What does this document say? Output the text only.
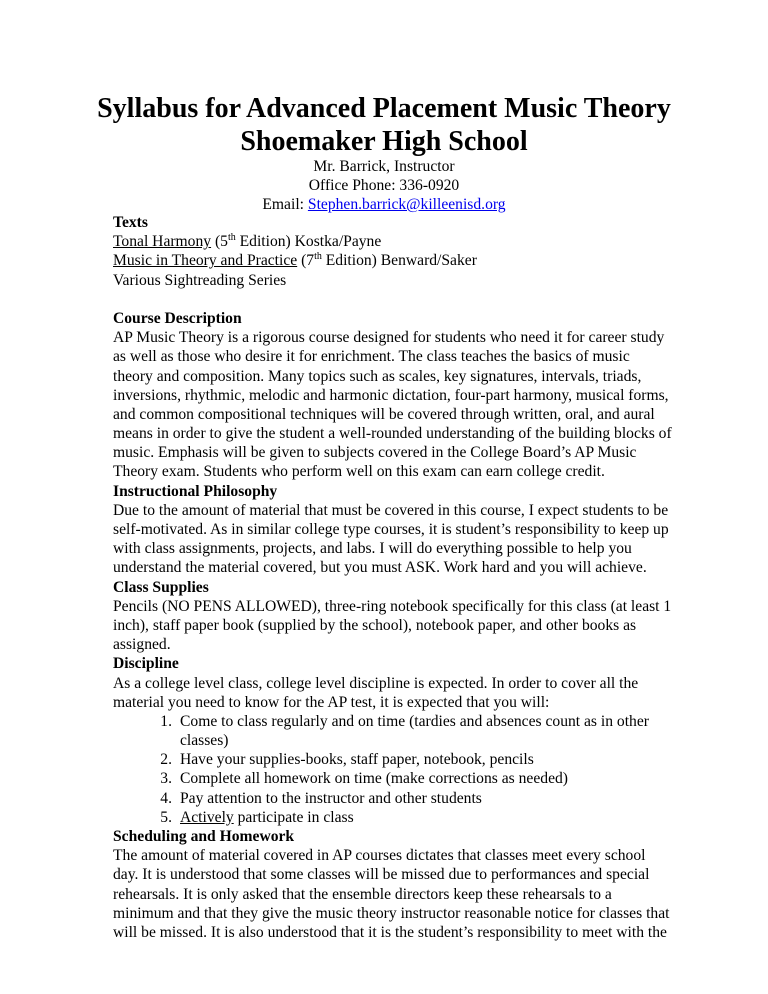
Syllabus for Advanced Placement Music Theory
Shoemaker High School
Mr. Barrick, Instructor
Office Phone: 336-0920
Email: Stephen.barrick@killeenisd.org
Texts
Tonal Harmony (5th Edition) Kostka/Payne
Music in Theory and Practice (7th Edition) Benward/Saker
Various Sightreading Series
Course Description
AP Music Theory is a rigorous course designed for students who need it for career study
as well as those who desire it for enrichment. The class teaches the basics of music
theory and composition. Many topics such as scales, key signatures, intervals, triads,
inversions, rhythmic, melodic and harmonic dictation, four-part harmony, musical forms,
and common compositional techniques will be covered through written, oral, and aural
means in order to give the student a well-rounded understanding of the building blocks of
music. Emphasis will be given to subjects covered in the College Board’s AP Music
Theory exam. Students who perform well on this exam can earn college credit.
Instructional Philosophy
Due to the amount of material that must be covered in this course, I expect students to be
self-motivated. As in similar college type courses, it is student’s responsibility to keep up
with class assignments, projects, and labs. I will do everything possible to help you
understand the material covered, but you must ASK. Work hard and you will achieve.
Class Supplies
Pencils (NO PENS ALLOWED), three-ring notebook specifically for this class (at least 1
inch), staff paper book (supplied by the school), notebook paper, and other books as
assigned.
Discipline
As a college level class, college level discipline is expected. In order to cover all the
material you need to know for the AP test, it is expected that you will:
1. Come to class regularly and on time (tardies and absences count as in other
classes)
2. Have your supplies-books, staff paper, notebook, pencils
3. Complete all homework on time (make corrections as needed)
4. Pay attention to the instructor and other students
5. Actively participate in class
Scheduling and Homework
The amount of material covered in AP courses dictates that classes meet every school
day. It is understood that some classes will be missed due to performances and special
rehearsals. It is only asked that the ensemble directors keep these rehearsals to a
minimum and that they give the music theory instructor reasonable notice for classes that
will be missed. It is also understood that it is the student’s responsibility to meet with the
